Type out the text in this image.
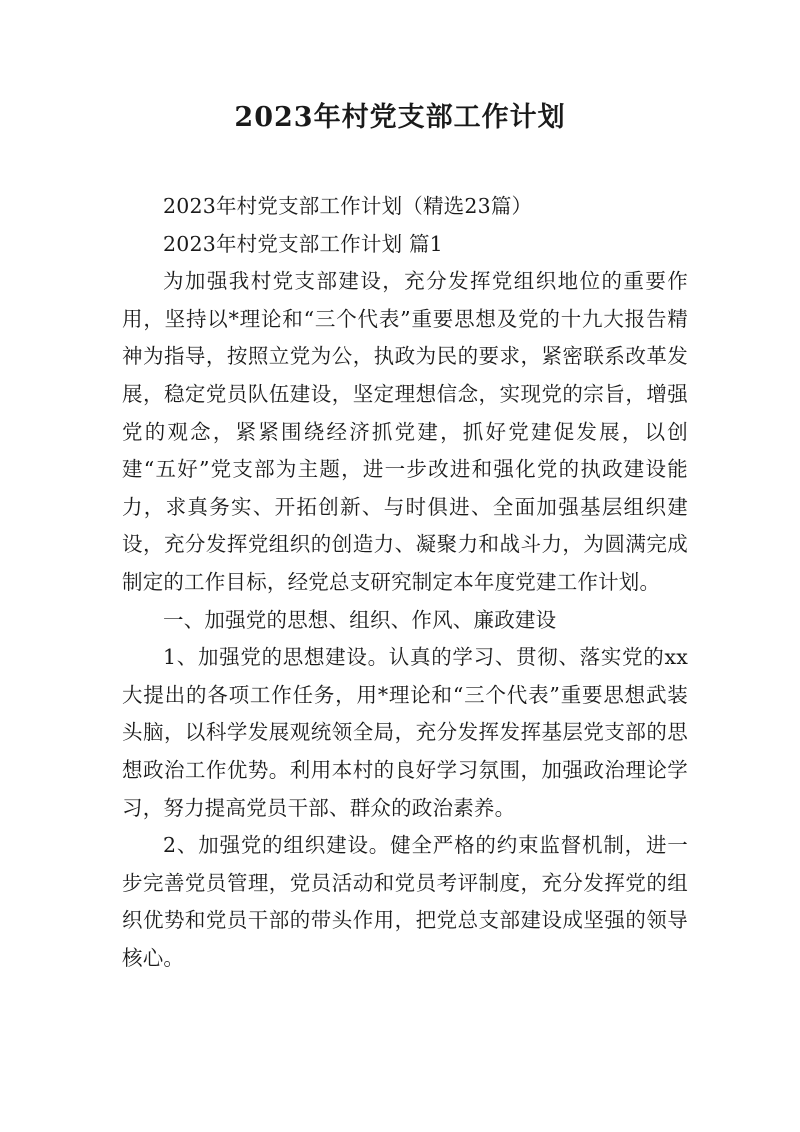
2023年村党支部工作计划

2023年村党支部工作计划（精选23篇）

2023年村党支部工作计划 篇1

为加强我村党支部建设，充分发挥党组织地位的重要作用，坚持以*理论和“三个代表”重要思想及党的十九大报告精神为指导，按照立党为公，执政为民的要求，紧密联系改革发展，稳定党员队伍建设，坚定理想信念，实现党的宗旨，增强党的观念，紧紧围绕经济抓党建，抓好党建促发展，以创建“五好”党支部为主题，进一步改进和强化党的执政建设能力，求真务实、开拓创新、与时俱进、全面加强基层组织建设，充分发挥党组织的创造力、凝聚力和战斗力，为圆满完成制定的工作目标，经党总支研究制定本年度党建工作计划。

一、加强党的思想、组织、作风、廉政建设

1、加强党的思想建设。认真的学习、贯彻、落实党的xx大提出的各项工作任务，用*理论和“三个代表”重要思想武装头脑，以科学发展观统领全局，充分发挥发挥基层党支部的思想政治工作优势。利用本村的良好学习氛围，加强政治理论学习，努力提高党员干部、群众的政治素养。

2、加强党的组织建设。健全严格的约束监督机制，进一步完善党员管理，党员活动和党员考评制度，充分发挥党的组织优势和党员干部的带头作用，把党总支部建设成坚强的领导核心。
